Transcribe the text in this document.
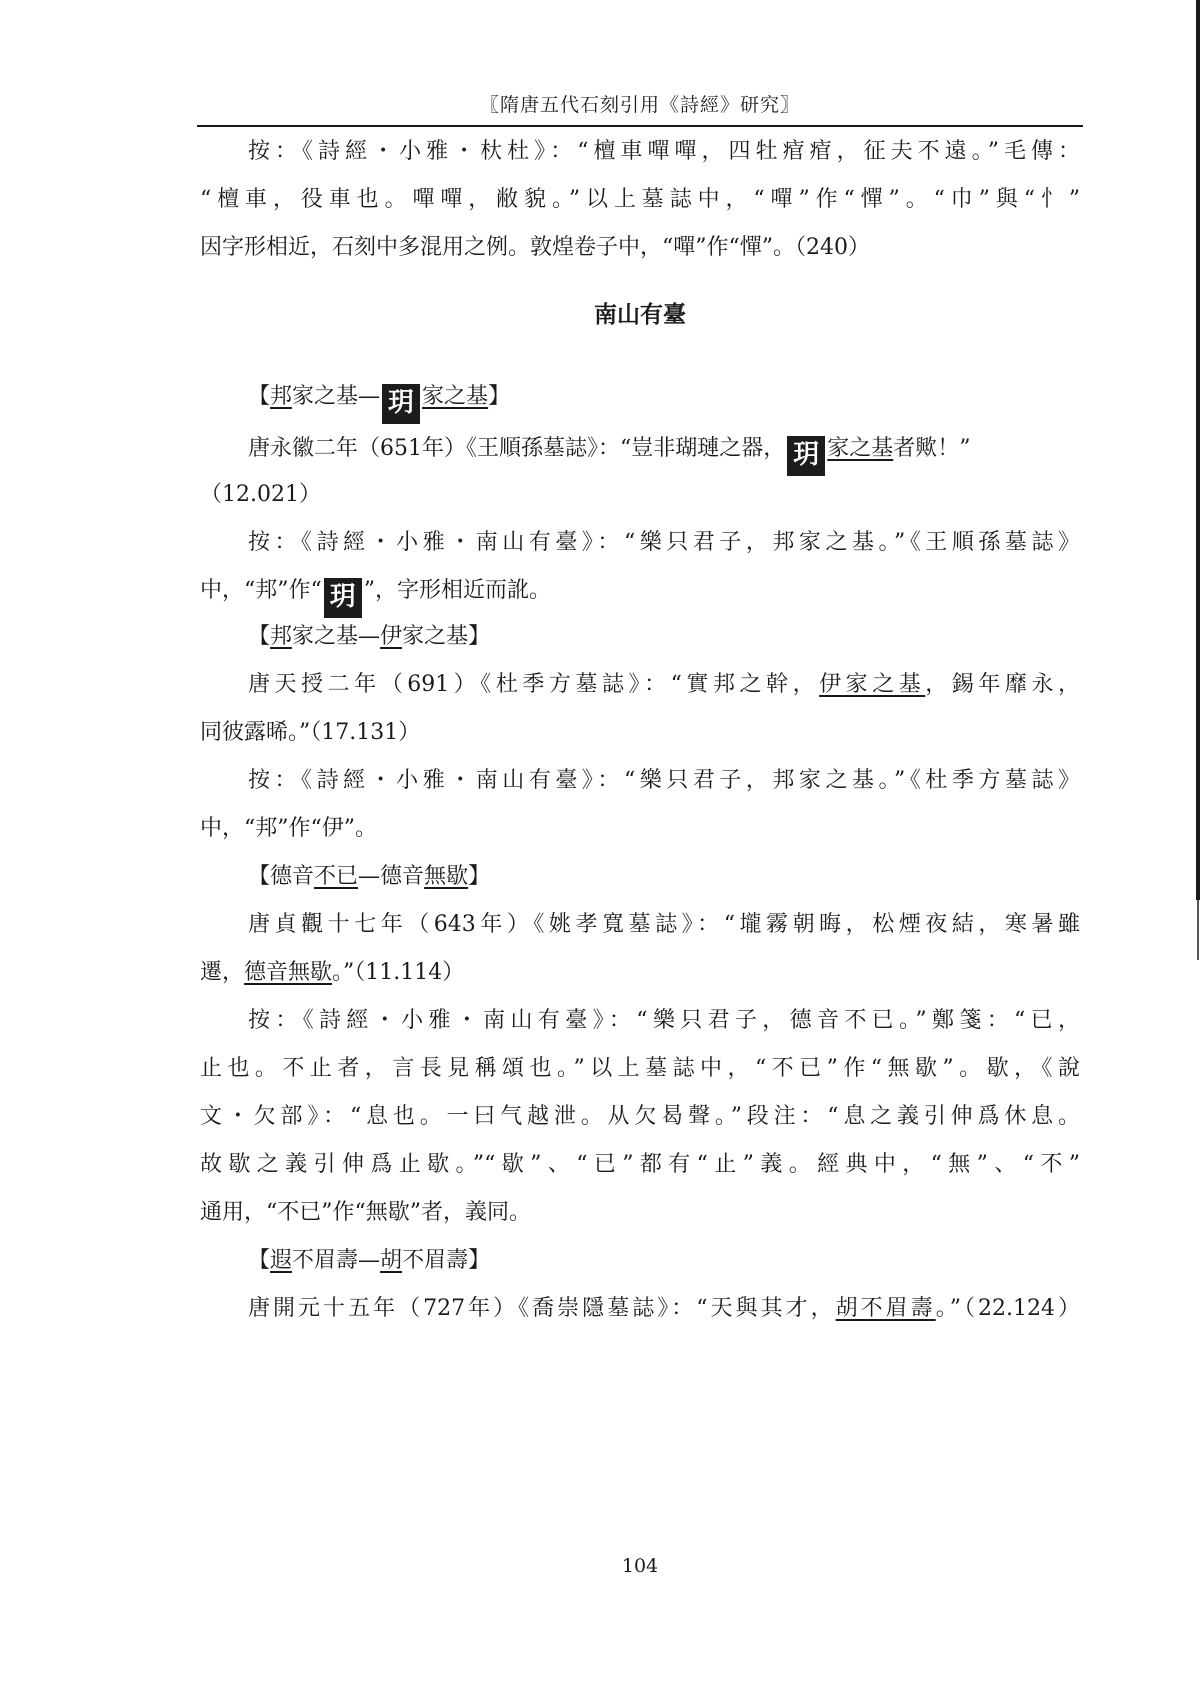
〖隋唐五代石刻引用《詩經》研究〗
按：《詩經・小雅・杕杜》：“檀車嘽嘽，四牡痯痯，征夫不遠。”毛傳：
“檀車，役車也。嘽嘽，敝貌。”以上墓誌中，“嘽”作“憚”。“巾”與“忄”
因字形相近，石刻中多混用之例。敦煌卷子中，“嘽”作“憚”。（240）
南山有臺
【邦家之基— 玥 家之基】
唐永徽二年（651年）《王順孫墓誌》：“豈非瑚璉之器， 玥 家之基者歟！”
（12.021）
按：《詩經・小雅・南山有臺》：“樂只君子，邦家之基。”《王順孫墓誌》
中，“邦”作“ 玥 ”，字形相近而訛。
【邦家之基—伊家之基】
唐天授二年（691）《杜季方墓誌》：“實邦之幹，伊家之基，錫年靡永，
同彼露晞。”（17.131）
按：《詩經・小雅・南山有臺》：“樂只君子，邦家之基。”《杜季方墓誌》
中，“邦”作“伊”。
【德音不已—德音無歇】
唐貞觀十七年（643年）《姚孝寬墓誌》：“壠霧朝晦，松煙夜結，寒暑雖
遷，德音無歇。”（11.114）
按：《詩經・小雅・南山有臺》：“樂只君子，德音不已。”鄭箋：“已，
止也。不止者，言長見稱頌也。”以上墓誌中，“不已”作“無歇”。歇，《說
文・欠部》：“息也。一曰气越泄。从欠曷聲。”段注：“息之義引伸爲休息。
故歇之義引伸爲止歇。”“歇”、“已”都有“止”義。經典中，“無”、“不”
通用，“不已”作“無歇”者，義同。
【遐不眉壽—胡不眉壽】
唐開元十五年（727年）《喬崇隱墓誌》：“天與其才，胡不眉壽。”（22.124）
104
